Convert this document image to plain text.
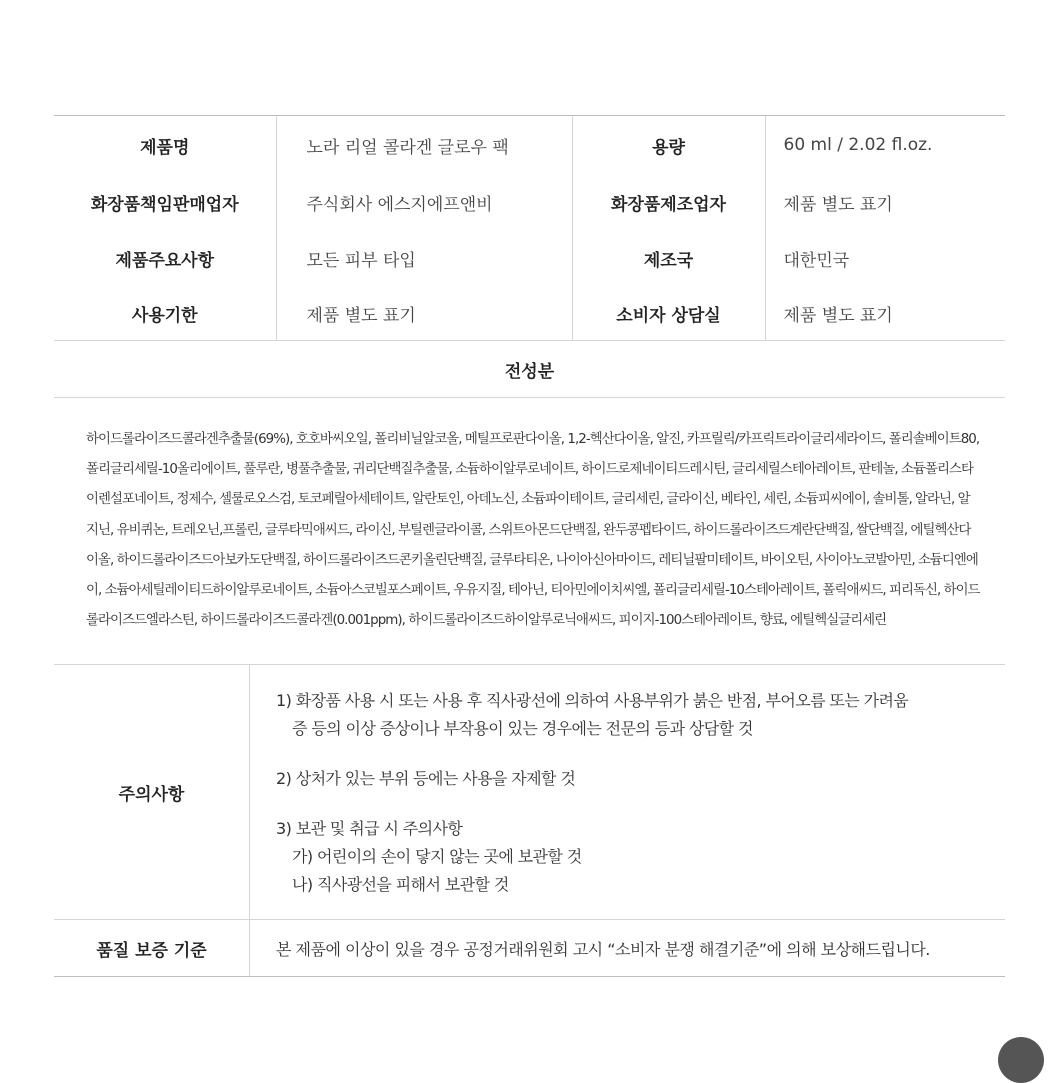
제품명	노라 리얼 콜라겐 글로우 팩	용량	60 ml / 2.02 fl.oz.
화장품책임판매업자	주식회사 에스지에프앤비	화장품제조업자	제품 별도 표기
제품주요사항	모든 피부 타입	제조국	대한민국
사용기한	제품 별도 표기	소비자 상담실	제품 별도 표기
전성분
하이드롤라이즈드콜라겐추출물(69%), 호호바씨오일, 폴리비닐알코올, 메틸프로판다이올, 1,2-헥산다이올, 알진, 카프릴릭/카프릭트라이글리세라이드, 폴리솔베이트80, 폴리글리세릴-10올리에이트, 풀루란, 병풀추출물, 귀리단백질추출물, 소듐하이알루로네이트, 하이드로제네이티드레시틴, 글리세릴스테아레이트, 판테놀, 소듐폴리스타이렌설포네이트, 정제수, 셀룰로오스검, 토코페릴아세테이트, 알란토인, 아데노신, 소듐파이테이트, 글리세린, 글라이신, 베타인, 세린, 소듐피씨에이, 솔비톨, 알라닌, 알지닌, 유비퀴논, 트레오닌,프롤린, 글루타믹애씨드, 라이신, 부틸렌글라이콜, 스위트아몬드단백질, 완두콩펩타이드, 하이드롤라이즈드계란단백질, 쌀단백질, 에틸헥산다이올, 하이드롤라이즈드아보카도단백질, 하이드롤라이즈드콘키올린단백질, 글루타티온, 나이아신아마이드, 레티닐팔미테이트, 바이오틴, 사이아노코발아민, 소듐디엔에이, 소듐아세틸레이티드하이알루로네이트, 소듐아스코빌포스페이트, 우유지질, 테아닌, 티아민에이치씨엘, 폴리글리세릴-10스테아레이트, 폴릭애씨드, 피리독신, 하이드롤라이즈드엘라스틴, 하이드롤라이즈드콜라겐(0.001ppm), 하이드롤라이즈드하이알루로닉애씨드, 피이지-100스테아레이트, 향료, 에틸헥실글리세린
주의사항
1) 화장품 사용 시 또는 사용 후 직사광선에 의하여 사용부위가 붉은 반점, 부어오름 또는 가려움
증 등의 이상 증상이나 부작용이 있는 경우에는 전문의 등과 상담할 것
2) 상처가 있는 부위 등에는 사용을 자제할 것
3) 보관 및 취급 시 주의사항
가) 어린이의 손이 닿지 않는 곳에 보관할 것
나) 직사광선을 피해서 보관할 것
품질 보증 기준	본 제품에 이상이 있을 경우 공정거래위원회 고시 “소비자 분쟁 해결기준”에 의해 보상해드립니다.
